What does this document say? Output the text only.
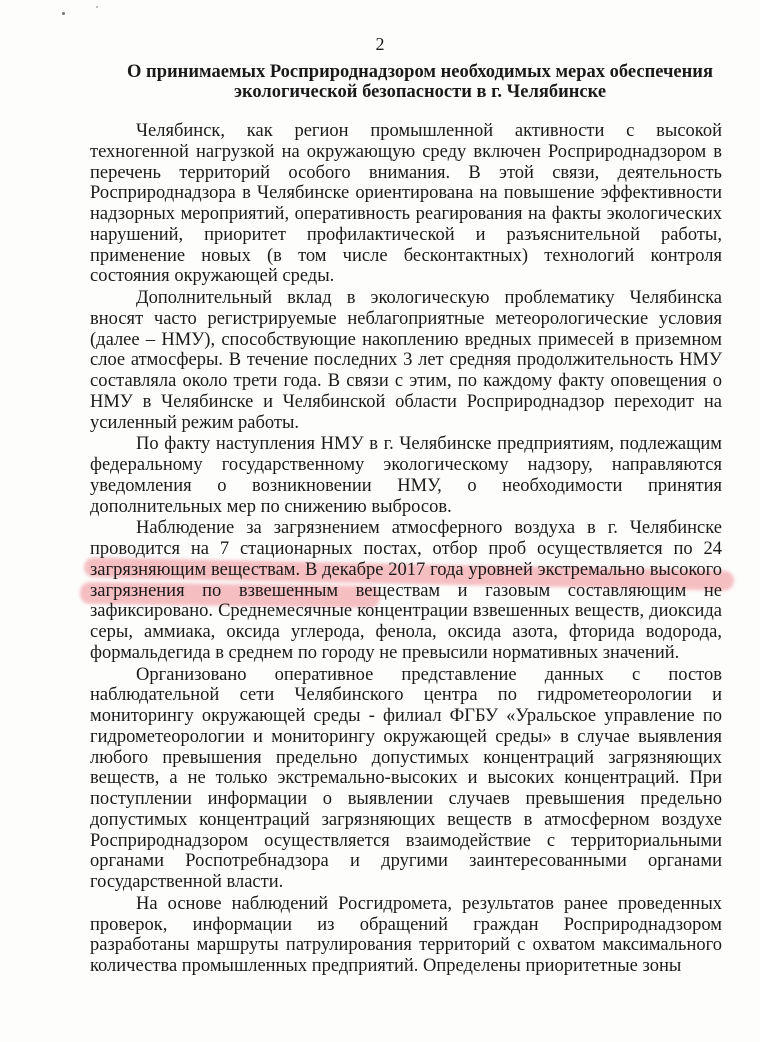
2
О принимаемых Росприроднадзором необходимых мерах обеспечения
экологической безопасности в г. Челябинске

Челябинск, как регион промышленной активности с высокой техногенной нагрузкой на окружающую среду включен Росприроднадзором в перечень территорий особого внимания. В этой связи, деятельность Росприроднадзора в Челябинске ориентирована на повышение эффективности надзорных мероприятий, оперативность реагирования на факты экологических нарушений, приоритет профилактической и разъяснительной работы, применение новых (в том числе бесконтактных) технологий контроля состояния окружающей среды.

Дополнительный вклад в экологическую проблематику Челябинска вносят часто регистрируемые неблагоприятные метеорологические условия (далее – НМУ), способствующие накоплению вредных примесей в приземном слое атмосферы. В течение последних 3 лет средняя продолжительность НМУ составляла около трети года. В связи с этим, по каждому факту оповещения о НМУ в Челябинске и Челябинской области Росприроднадзор переходит на усиленный режим работы.

По факту наступления НМУ в г. Челябинске предприятиям, подлежащим федеральному государственному экологическому надзору, направляются уведомления о возникновении НМУ, о необходимости принятия дополнительных мер по снижению выбросов.

Наблюдение за загрязнением атмосферного воздуха в г. Челябинске проводится на 7 стационарных постах, отбор проб осуществляется по 24 загрязняющим веществам. В декабре 2017 года уровней экстремально высокого загрязнения по взвешенным веществам и газовым составляющим не зафиксировано. Среднемесячные концентрации взвешенных веществ, диоксида серы, аммиака, оксида углерода, фенола, оксида азота, фторида водорода, формальдегида в среднем по городу не превысили нормативных значений.

Организовано оперативное представление данных с постов наблюдательной сети Челябинского центра по гидрометеорологии и мониторингу окружающей среды - филиал ФГБУ «Уральское управление по гидрометеорологии и мониторингу окружающей среды» в случае выявления любого превышения предельно допустимых концентраций загрязняющих веществ, а не только экстремально-высоких и высоких концентраций. При поступлении информации о выявлении случаев превышения предельно допустимых концентраций загрязняющих веществ в атмосферном воздухе Росприроднадзором осуществляется взаимодействие с территориальными органами Роспотребнадзора и другими заинтересованными органами государственной власти.

На основе наблюдений Росгидромета, результатов ранее проведенных проверок, информации из обращений граждан Росприроднадзором разработаны маршруты патрулирования территорий с охватом максимального количества промышленных предприятий. Определены приоритетные зоны
